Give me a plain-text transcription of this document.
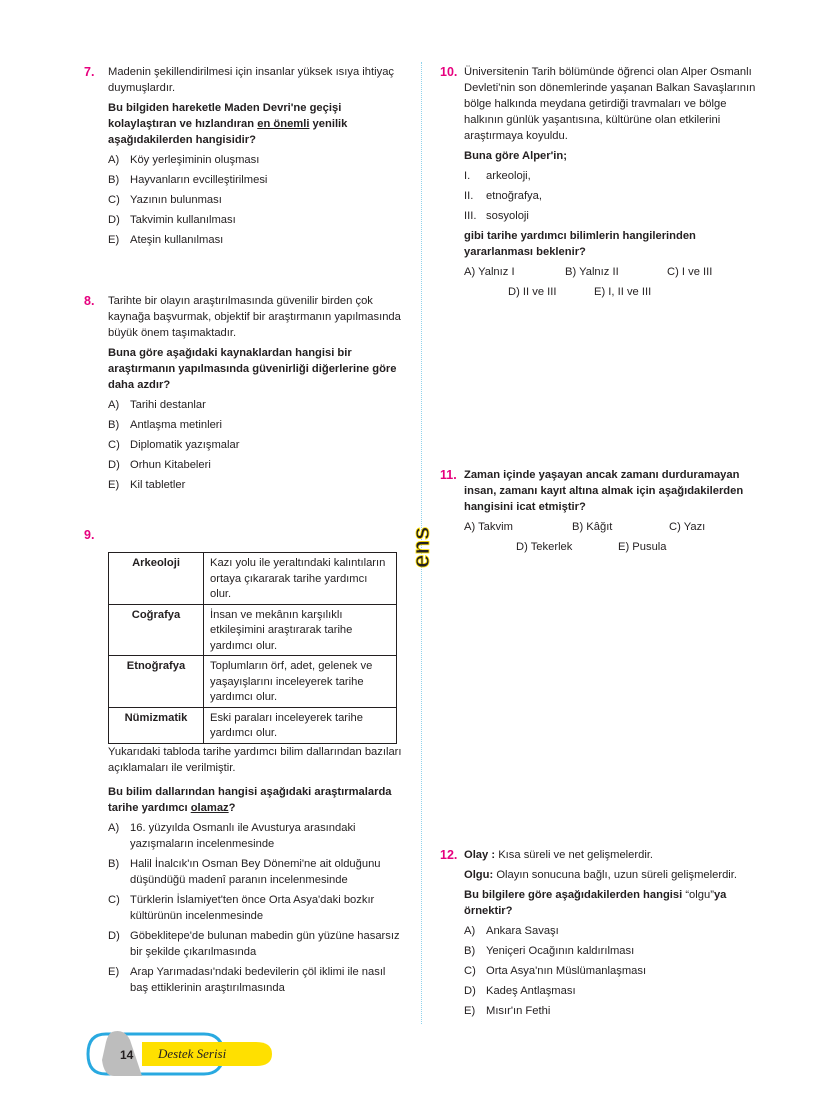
7. Madenin şekillendirilmesi için insanlar yüksek ısıya ihtiyaç duymuşlardır.

Bu bilgiden hareketle Maden Devri'ne geçişi kolaylaştıran ve hızlandıran en önemli yenilik aşağıdakilerden hangisidir?

A) Köy yerleşiminin oluşması
B) Hayvanların evcilleştirilmesi
C) Yazının bulunması
D) Takvimin kullanılması
E) Ateşin kullanılması
8. Tarihte bir olayın araştırılmasında güvenilir birden çok kaynağa başvurmak, objektif bir araştırmanın yapılmasında büyük önem taşımaktadır.

Buna göre aşağıdaki kaynaklardan hangisi bir araştırmanın yapılmasında güvenirliği diğerlerine göre daha azdır?

A) Tarihi destanlar
B) Antlaşma metinleri
C) Diplomatik yazışmalar
D) Orhun Kitabeleri
E) Kil tabletler
9.
Arkeoloji	Kazı yolu ile yeraltındaki kalıntıların ortaya çıkararak tarihe yardımcı olur.
Coğrafya	İnsan ve mekânın karşılıklı etkileşimini araştırarak tarihe yardımcı olur.
Etnoğrafya	Toplumların örf, adet, gelenek ve yaşayışlarını inceleyerek tarihe yardımcı olur.
Nümizmatik	Eski paraları inceleyerek tarihe yardımcı olur.

Yukarıdaki tabloda tarihe yardımcı bilim dallarından bazıları açıklamaları ile verilmiştir.

Bu bilim dallarından hangisi aşağıdaki araştırmalarda tarihe yardımcı olamaz?

A) 16. yüzyılda Osmanlı ile Avusturya arasındaki yazışmaların incelenmesinde
B) Halil İnalcık'ın Osman Bey Dönemi'ne ait olduğunu düşündüğü madenî paranın incelenmesinde
C) Türklerin İslamiyet'ten önce Orta Asya'daki bozkır kültürünün incelenmesinde
D) Göbeklitepe'de bulunan mabedin gün yüzüne hasarsız bir şekilde çıkarılmasında
E) Arap Yarımadası'ndaki bedevilerin çöl iklimi ile nasıl baş ettiklerinin araştırılmasında
ens
10. Üniversitenin Tarih bölümünde öğrenci olan Alper Osmanlı Devleti'nin son dönemlerinde yaşanan Balkan Savaşlarının bölge halkında meydana getirdiği travmaları ve bölge halkının günlük yaşantısına, kültürüne olan etkilerini araştırmaya koyuldu.

Buna göre Alper'in;

I.	arkeoloji,
II.	etnoğrafya,
III. sosyoloji

gibi tarihe yardımcı bilimlerin hangilerinden yararlanması beklenir?

A) Yalnız I	B) Yalnız II	C) I ve III
D) II ve III	E) I, II ve III
11. Zaman içinde yaşayan ancak zamanı durduramayan insan, zamanı kayıt altına almak için aşağıdakilerden hangisini icat etmiştir?

A) Takvim	B) Kâğıt	C) Yazı
D) Tekerlek	E) Pusula
12. Olay : Kısa süreli ve net gelişmelerdir.

Olgu: Olayın sonucuna bağlı, uzun süreli gelişmelerdir.

Bu bilgilere göre aşağıdakilerden hangisi “olgu”ya örnektir?

A) Ankara Savaşı
B) Yeniçeri Ocağının kaldırılması
C) Orta Asya'nın Müslümanlaşması
D) Kadeş Antlaşması
E) Mısır'ın Fethi
14 Destek Serisi
